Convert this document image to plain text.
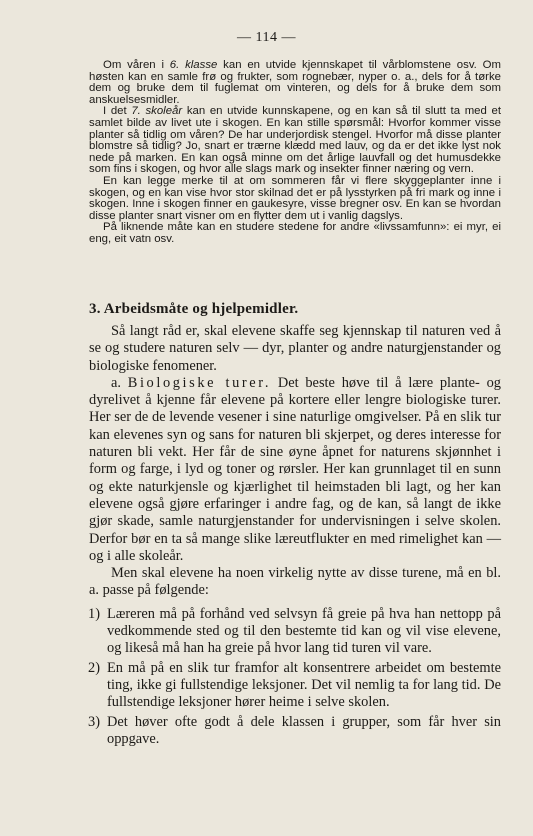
— 114 —

Om våren i 6. klasse kan en utvide kjennskapet til vårblomstene osv. Om høsten kan en samle frø og frukter, som rognebær, nyper o. a., dels for å tørke dem og bruke dem til fuglemat om vinteren, og dels for å bruke dem som anskuelsesmidler.

I det 7. skoleår kan en utvide kunnskapene, og en kan så til slutt ta med et samlet bilde av livet ute i skogen. En kan stille spørsmål: Hvorfor kommer visse planter så tidlig om våren? De har underjordisk stengel. Hvorfor må disse planter blomstre så tidlig? Jo, snart er trærne klædd med lauv, og da er det ikke lyst nok nede på marken. En kan også minne om det årlige lauvfall og det humusdekke som fins i skogen, og hvor alle slags mark og insekter finner næring og vern.

En kan legge merke til at om sommeren får vi flere skyggeplanter inne i skogen, og en kan vise hvor stor skilnad det er på lysstyrken på fri mark og inne i skogen. Inne i skogen finner en gaukesyre, visse bregner osv. En kan se hvordan disse planter snart visner om en flytter dem ut i vanlig dagslys.

På liknende måte kan en studere stedene for andre «livssamfunn»: ei myr, ei eng, eit vatn osv.

3. Arbeidsmåte og hjelpemidler.

Så langt råd er, skal elevene skaffe seg kjennskap til naturen ved å se og studere naturen selv — dyr, planter og andre naturgjenstander og biologiske fenomener.

a. Biologiske turer. Det beste høve til å lære plante- og dyrelivet å kjenne får elevene på kortere eller lengre biologiske turer. Her ser de de levende vesener i sine naturlige omgivelser. På en slik tur kan elevenes syn og sans for naturen bli skjerpet, og deres interesse for naturen bli vekt. Her får de sine øyne åpnet for naturens skjønnhet i form og farge, i lyd og toner og rørsler. Her kan grunnlaget til en sunn og ekte naturkjensle og kjærlighet til heimstaden bli lagt, og her kan elevene også gjøre erfaringer i andre fag, og de kan, så langt de ikke gjør skade, samle naturgjenstander for undervisningen i selve skolen. Derfor bør en ta så mange slike læreutflukter en med rimelighet kan — og i alle skoleår.

Men skal elevene ha noen virkelig nytte av disse turene, må en bl. a. passe på følgende:

1) Læreren må på forhånd ved selvsyn få greie på hva han nettopp på vedkommende sted og til den bestemte tid kan og vil vise elevene, og likeså må han ha greie på hvor lang tid turen vil vare.
2) En må på en slik tur framfor alt konsentrere arbeidet om bestemte ting, ikke gi fullstendige leksjoner. Det vil nemlig ta for lang tid. De fullstendige leksjoner hører heime i selve skolen.
3) Det høver ofte godt å dele klassen i grupper, som får hver sin oppgave.
